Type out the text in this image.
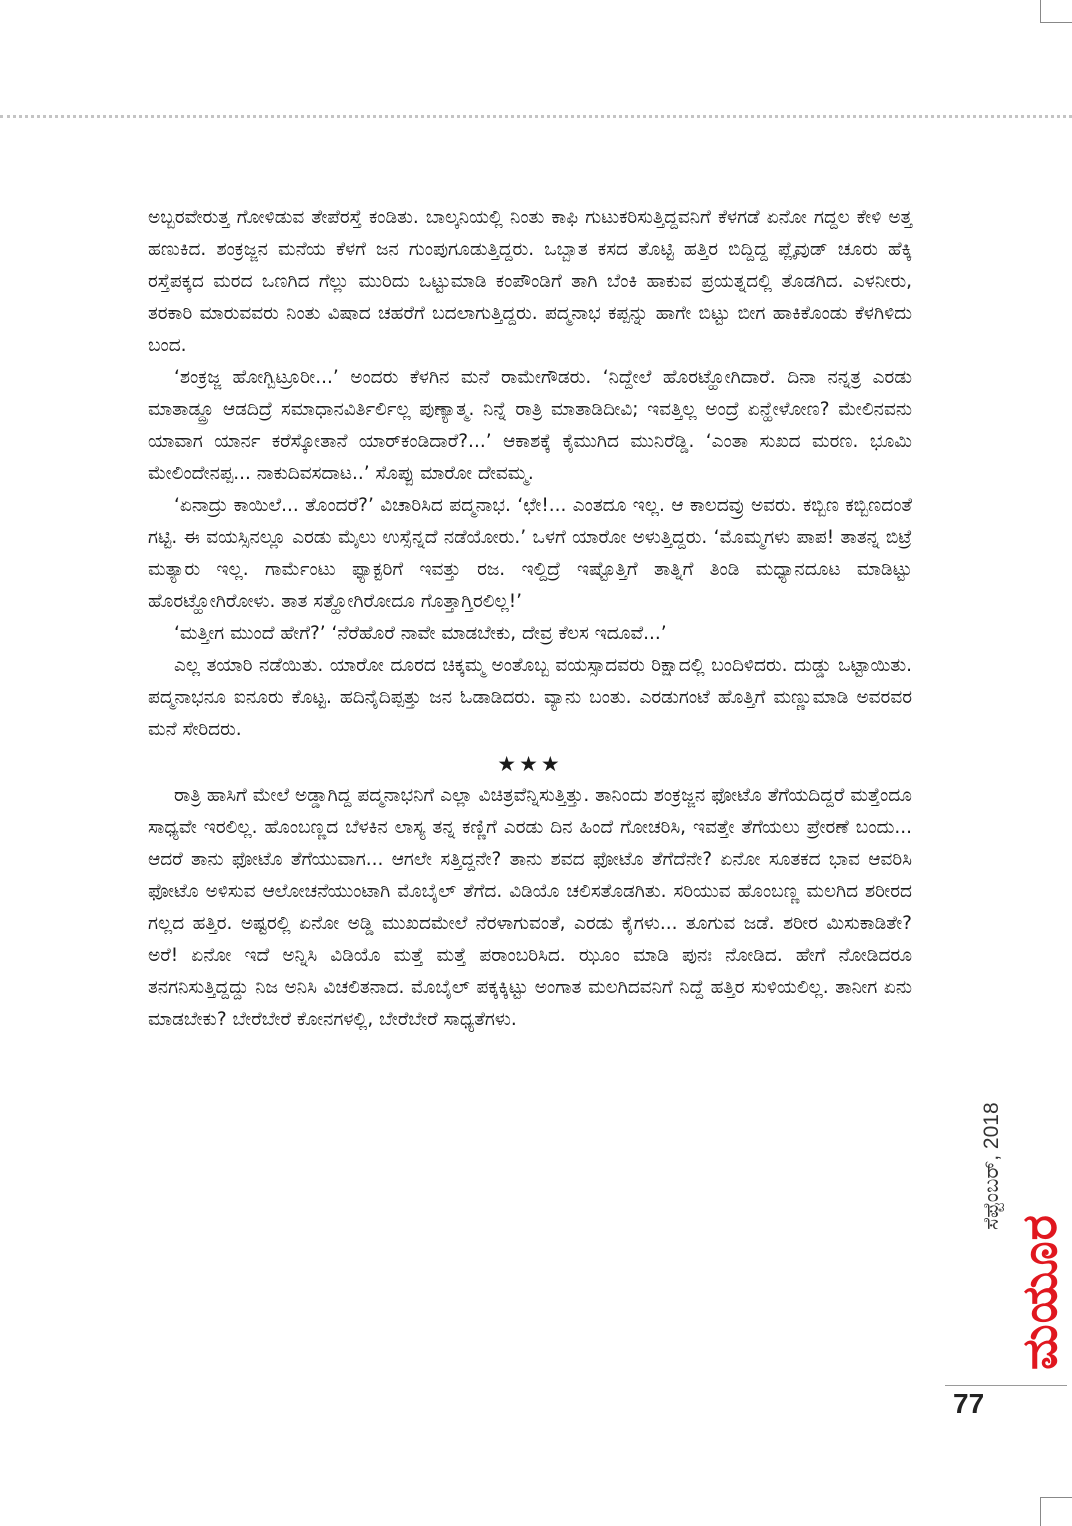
ಅಬ್ಬರವೇರುತ್ತ ಗೋಳಿಡುವ ತೇಪೆರಸ್ತೆ ಕಂಡಿತು. ಬಾಲ್ಕನಿಯಲ್ಲಿ ನಿಂತು ಕಾಫಿ ಗುಟುಕರಿಸುತ್ತಿದ್ದವನಿಗೆ ಕೆಳಗಡೆ ಏನೋ ಗದ್ದಲ ಕೇಳಿ ಅತ್ತ ಹಣುಕಿದ. ಶಂಕ್ರಜ್ಜನ ಮನೆಯ ಕೆಳಗೆ ಜನ ಗುಂಪುಗೂಡುತ್ತಿದ್ದರು. ಒಬ್ಬಾತ ಕಸದ ತೊಟ್ಟಿ ಹತ್ತಿರ ಬಿದ್ದಿದ್ದ ಪ್ಲೈವುಡ್ ಚೂರು ಹೆಕ್ಕಿ ರಸ್ತೆಪಕ್ಕದ ಮರದ ಒಣಗಿದ ಗೆಲ್ಲು ಮುರಿದು ಒಟ್ಟುಮಾಡಿ ಕಂಪೌಂಡಿಗೆ ತಾಗಿ ಬೆಂಕಿ ಹಾಕುವ ಪ್ರಯತ್ನದಲ್ಲಿ ತೊಡಗಿದ. ಎಳನೀರು, ತರಕಾರಿ ಮಾರುವವರು ನಿಂತು ವಿಷಾದ ಚಹರೆಗೆ ಬದಲಾಗುತ್ತಿದ್ದರು. ಪದ್ಮನಾಭ ಕಪ್ಪನ್ನು ಹಾಗೇ ಬಿಟ್ಟು ಬೀಗ ಹಾಕಿಕೊಂಡು ಕೆಳಗಿಳಿದು ಬಂದ.

‘ಶಂಕ್ರಜ್ಜ ಹೋಗ್ಬಿಟ್ರೂರೀ...’ ಅಂದರು ಕೆಳಗಿನ ಮನೆ ರಾಮೇಗೌಡರು. ‘ನಿದ್ದೇಲೆ ಹೊರಟ್ಹೋಗಿದಾರೆ. ದಿನಾ ನನ್ನತ್ರ ಎರಡು ಮಾತಾಡ್ದ್ರೂ ಆಡದಿದ್ರೆ ಸಮಾಧಾನವಿರ್ತಿರ್ಲಿಲ್ಲ ಪುಣ್ಯಾತ್ಮ. ನಿನ್ನೆ ರಾತ್ರಿ ಮಾತಾಡಿದೀವಿ; ಇವತ್ತಿಲ್ಲ ಅಂದ್ರೆ ಏನ್ಹೇಳೋಣ? ಮೇಲಿನವನು ಯಾವಾಗ ಯಾರ್ನ ಕರೆಸ್ಕೋತಾನೆ ಯಾರ್‌ಕಂಡಿದಾರೆ?...’ ಆಕಾಶಕ್ಕೆ ಕೈಮುಗಿದ ಮುನಿರೆಡ್ಡಿ. ‘ಎಂತಾ ಸುಖದ ಮರಣ. ಭೂಮಿ ಮೇಲಿಂದೇನಪ್ಪ... ನಾಕುದಿವಸದಾಟ..’ ಸೊಪ್ಪು ಮಾರೋ ದೇವಮ್ಮ.

‘ಏನಾದ್ರು ಕಾಯಿಲೆ... ತೊಂದರೆ?’ ವಿಚಾರಿಸಿದ ಪದ್ಮನಾಭ. ‘ಛೇ!... ಎಂತದೂ ಇಲ್ಲ. ಆ ಕಾಲದವ್ರು ಅವರು. ಕಬ್ಬಿಣ ಕಬ್ಬಿಣದಂತೆ ಗಟ್ಟಿ. ಈ ವಯಸ್ಸಿನಲ್ಲೂ ಎರಡು ಮೈಲು ಉಸ್ಸೆನ್ನದೆ ನಡೆಯೋರು.’ ಒಳಗೆ ಯಾರೋ ಅಳುತ್ತಿದ್ದರು. ‘ಮೊಮ್ಮಗಳು ಪಾಪ! ತಾತನ್ನ ಬಿಟ್ರೆ ಮತ್ಯಾರು ಇಲ್ಲ. ಗಾರ್ಮೆಂಟು ಫ್ಯಾಕ್ಟರಿಗೆ ಇವತ್ತು ರಜ. ಇಲ್ದಿದ್ರೆ ಇಷ್ಟೊತ್ತಿಗೆ ತಾತ್ನಿಗೆ ತಿಂಡಿ ಮಧ್ಯಾನದೂಟ ಮಾಡಿಟ್ಟು ಹೊರಟ್ಹೋಗಿರೋಳು. ತಾತ ಸತ್ಹೋಗಿರೋದೂ ಗೊತ್ತಾಗ್ತಿರಲಿಲ್ಲ!’

‘ಮತ್ತೀಗ ಮುಂದೆ ಹೇಗೆ?’ ‘ನೆರೆಹೊರೆ ನಾವೇ ಮಾಡಬೇಕು, ದೇವ್ರ ಕೆಲಸ ಇದೂವೆ...’

ಎಲ್ಲ ತಯಾರಿ ನಡೆಯಿತು. ಯಾರೋ ದೂರದ ಚಿಕ್ಕಮ್ಮ ಅಂತೊಬ್ಬ ವಯಸ್ಸಾದವರು ರಿಕ್ಷಾದಲ್ಲಿ ಬಂದಿಳಿದರು. ದುಡ್ಡು ಒಟ್ಟಾಯಿತು. ಪದ್ಮನಾಭನೂ ಐನೂರು ಕೊಟ್ಟ. ಹದಿನೈದಿಪ್ಪತ್ತು ಜನ ಓಡಾಡಿದರು. ವ್ಯಾನು ಬಂತು. ಎರಡುಗಂಟೆ ಹೊತ್ತಿಗೆ ಮಣ್ಣುಮಾಡಿ ಅವರವರ ಮನೆ ಸೇರಿದರು.

★★★

ರಾತ್ರಿ ಹಾಸಿಗೆ ಮೇಲೆ ಅಡ್ಡಾಗಿದ್ದ ಪದ್ಮನಾಭನಿಗೆ ಎಲ್ಲಾ ವಿಚಿತ್ರವೆನ್ನಿಸುತ್ತಿತ್ತು. ತಾನಿಂದು ಶಂಕ್ರಜ್ಜನ ಫೋಟೊ ತೆಗೆಯದಿದ್ದರೆ ಮತ್ತೆಂದೂ ಸಾಧ್ಯವೇ ಇರಲಿಲ್ಲ. ಹೊಂಬಣ್ಣದ ಬೆಳಕಿನ ಲಾಸ್ಯ ತನ್ನ ಕಣ್ಣಿಗೆ ಎರಡು ದಿನ ಹಿಂದೆ ಗೋಚರಿಸಿ, ಇವತ್ತೇ ತೆಗೆಯಲು ಪ್ರೇರಣೆ ಬಂದು... ಆದರೆ ತಾನು ಫೋಟೊ ತೆಗೆಯುವಾಗ... ಆಗಲೇ ಸತ್ತಿದ್ದನೇ? ತಾನು ಶವದ ಫೋಟೊ ತೆಗೆದೆನೇ? ಏನೋ ಸೂತಕದ ಭಾವ ಆವರಿಸಿ ಫೋಟೊ ಅಳಿಸುವ ಆಲೋಚನೆಯುಂಟಾಗಿ ಮೊಬೈಲ್ ತೆಗೆದ. ವಿಡಿಯೊ ಚಲಿಸತೊಡಗಿತು. ಸರಿಯುವ ಹೊಂಬಣ್ಣ ಮಲಗಿದ ಶರೀರದ ಗಲ್ಲದ ಹತ್ತಿರ. ಅಷ್ಟರಲ್ಲಿ ಏನೋ ಅಡ್ಡಿ ಮುಖದಮೇಲೆ ನೆರಳಾಗುವಂತೆ, ಎರಡು ಕೈಗಳು... ತೂಗುವ ಜಡೆ. ಶರೀರ ಮಿಸುಕಾಡಿತೇ? ಅರೆ! ಏನೋ ಇದೆ ಅನ್ನಿಸಿ ವಿಡಿಯೊ ಮತ್ತೆ ಮತ್ತೆ ಪರಾಂಬರಿಸಿದ. ಝೂಂ ಮಾಡಿ ಪುನಃ ನೋಡಿದ. ಹೇಗೆ ನೋಡಿದರೂ ತನಗನಿಸುತ್ತಿದ್ದದ್ದು ನಿಜ ಅನಿಸಿ ವಿಚಲಿತನಾದ. ಮೊಬೈಲ್ ಪಕ್ಕಕ್ಕಿಟ್ಟು ಅಂಗಾತ ಮಲಗಿದವನಿಗೆ ನಿದ್ದೆ ಹತ್ತಿರ ಸುಳಿಯಲಿಲ್ಲ. ತಾನೀಗ ಏನು ಮಾಡಬೇಕು? ಬೇರೆಬೇರೆ ಕೋನಗಳಲ್ಲಿ, ಬೇರೆಬೇರೆ ಸಾಧ್ಯತೆಗಳು.

ಸೆಪ್ಟೆಂಬರ್, 2018
ಮಯೂರ
77
